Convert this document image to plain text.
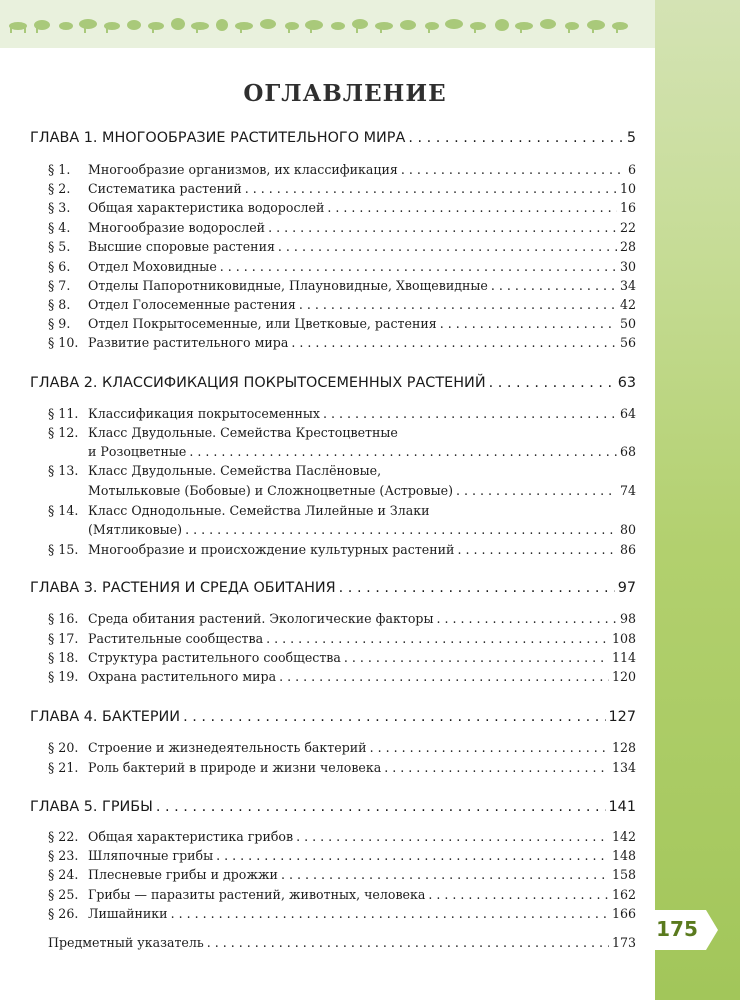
ОГЛАВЛЕНИЕ
ГЛАВА 1. МНОГООБРАЗИЕ РАСТИТЕЛЬНОГО МИРА . . .	5
§ 1.	Многообразие организмов, их классификация . . .	6
§ 2.	Систематика растений . . .	10
§ 3.	Общая характеристика водорослей . . .	16
§ 4.	Многообразие водорослей . . .	22
§ 5.	Высшие споровые растения . . .	28
§ 6.	Отдел Моховидные . . .	30
§ 7.	Отделы Папоротниковидные, Плауновидные, Хвощевидные . . .	34
§ 8.	Отдел Голосеменные растения . . .	42
§ 9.	Отдел Покрытосеменные, или Цветковые, растения . . .	50
§ 10. Развитие растительного мира . . .	56
ГЛАВА 2. КЛАССИФИКАЦИЯ ПОКРЫТОСЕМЕННЫХ РАСТЕНИЙ . . .	63
§ 11. Классификация покрытосеменных . . .	64
§ 12. Класс Двудольные. Семейства Крестоцветные
и Розоцветные . . .	68
§ 13. Класс Двудольные. Семейства Паслёновые,
Мотыльковые (Бобовые) и Сложноцветные (Астровые) . . .	74
§ 14. Класс Однодольные. Семейства Лилейные и Злаки
(Мятликовые) . . .	80
§ 15. Многообразие и происхождение культурных растений . . .	86
ГЛАВА 3. РАСТЕНИЯ И СРЕДА ОБИТАНИЯ . . .	97
§ 16. Среда обитания растений. Экологические факторы . . .	98
§ 17. Растительные сообщества . . .	108
§ 18. Структура растительного сообщества . . .	114
§ 19. Охрана растительного мира . . .	120
ГЛАВА 4. БАКТЕРИИ . . .	127
§ 20. Строение и жизнедеятельность бактерий . . .	128
§ 21. Роль бактерий в природе и жизни человека . . .	134
ГЛАВА 5. ГРИБЫ . . .	141
§ 22. Общая характеристика грибов . . .	142
§ 23. Шляпочные грибы . . .	148
§ 24. Плесневые грибы и дрожжи . . .	158
§ 25. Грибы — паразиты растений, животных, человека . . .	162
§ 26. Лишайники . . .	166
Предметный указатель . . .	173
175
